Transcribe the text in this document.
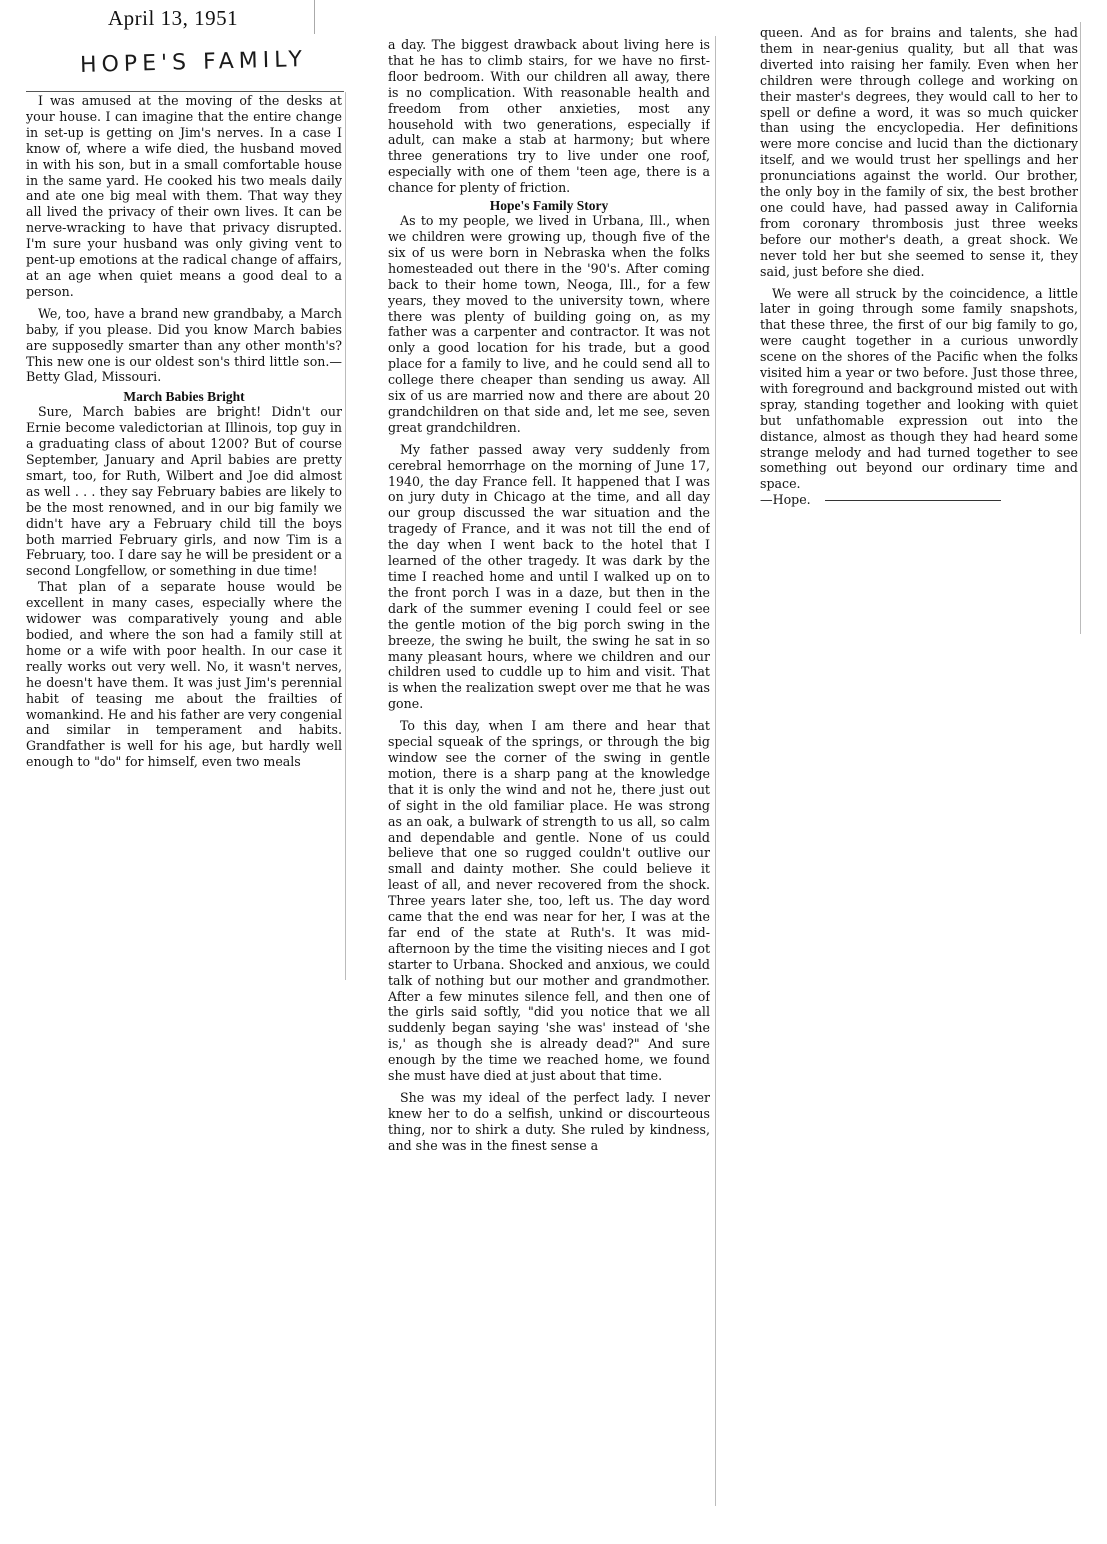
April 13, 1951
HOPE'S FAMILY

I was amused at the moving of the desks at your house. I can imagine that the entire change in set-up is getting on Jim's nerves. In a case I know of, where a wife died, the husband moved in with his son, but in a small comfortable house in the same yard. He cooked his two meals daily and ate one big meal with them. That way they all lived the privacy of their own lives. It can be nerve-wracking to have that privacy disrupted. I'm sure your husband was only giving vent to pent-up emotions at the radical change of affairs, at an age when quiet means a good deal to a person.

We, too, have a brand new grandbaby, a March baby, if you please. Did you know March babies are supposedly smarter than any other month's? This new one is our oldest son's third little son.—Betty Glad, Missouri.

March Babies Bright

Sure, March babies are bright! Didn't our Ernie become valedictorian at Illinois, top guy in a graduating class of about 1200? But of course September, January and April babies are pretty smart, too, for Ruth, Wilbert and Joe did almost as well . . . they say February babies are likely to be the most renowned, and in our big family we didn't have ary a February child till the boys both married February girls, and now Tim is a February, too. I dare say he will be president or a second Longfellow, or something in due time!

That plan of a separate house would be excellent in many cases, especially where the widower was comparatively young and able bodied, and where the son had a family still at home or a wife with poor health. In our case it really works out very well. No, it wasn't nerves, he doesn't have them. It was just Jim's perennial habit of teasing me about the frailties of womankind. He and his father are very congenial and similar in temperament and habits. Grandfather is well for his age, but hardly well enough to "do" for himself, even two meals

a day. The biggest drawback about living here is that he has to climb stairs, for we have no first-floor bedroom. With our children all away, there is no complication. With reasonable health and freedom from other anxieties, most any household with two generations, especially if adult, can make a stab at harmony; but where three generations try to live under one roof, especially with one of them 'teen age, there is a chance for plenty of friction.

Hope's Family Story

As to my people, we lived in Urbana, Ill., when we children were growing up, though five of the six of us were born in Nebraska when the folks homesteaded out there in the '90's. After coming back to their home town, Neoga, Ill., for a few years, they moved to the university town, where there was plenty of building going on, as my father was a carpenter and contractor. It was not only a good location for his trade, but a good place for a family to live, and he could send all to college there cheaper than sending us away. All six of us are married now and there are about 20 grandchildren on that side and, let me see, seven great grandchildren.

My father passed away very suddenly from cerebral hemorrhage on the morning of June 17, 1940, the day France fell. It happened that I was on jury duty in Chicago at the time, and all day our group discussed the war situation and the tragedy of France, and it was not till the end of the day when I went back to the hotel that I learned of the other tragedy. It was dark by the time I reached home and until I walked up on to the front porch I was in a daze, but then in the dark of the summer evening I could feel or see the gentle motion of the big porch swing in the breeze, the swing he built, the swing he sat in so many pleasant hours, where we children and our children used to cuddle up to him and visit. That is when the realization swept over me that he was gone.

To this day, when I am there and hear that special squeak of the springs, or through the big window see the corner of the swing in gentle motion, there is a sharp pang at the knowledge that it is only the wind and not he, there just out of sight in the old familiar place. He was strong as an oak, a bulwark of strength to us all, so calm and dependable and gentle. None of us could believe that one so rugged couldn't outlive our small and dainty mother. She could believe it least of all, and never recovered from the shock. Three years later she, too, left us. The day word came that the end was near for her, I was at the far end of the state at Ruth's. It was mid-afternoon by the time the visiting nieces and I got starter to Urbana. Shocked and anxious, we could talk of nothing but our mother and grandmother. After a few minutes silence fell, and then one of the girls said softly, "did you notice that we all suddenly began saying 'she was' instead of 'she is,' as though she is already dead?" And sure enough by the time we reached home, we found she must have died at just about that time.

She was my ideal of the perfect lady. I never knew her to do a selfish, unkind or discourteous thing, nor to shirk a duty. She ruled by kindness, and she was in the finest sense a

queen. And as for brains and talents, she had them in near-genius quality, but all that was diverted into raising her family. Even when her children were through college and working on their master's degrees, they would call to her to spell or define a word, it was so much quicker than using the encyclopedia. Her definitions were more concise and lucid than the dictionary itself, and we would trust her spellings and her pronunciations against the world. Our brother, the only boy in the family of six, the best brother one could have, had passed away in California from coronary thrombosis just three weeks before our mother's death, a great shock. We never told her but she seemed to sense it, they said, just before she died.

We were all struck by the coincidence, a little later in going through some family snapshots, that these three, the first of our big family to go, were caught together in a curious unwordly scene on the shores of the Pacific when the folks visited him a year or two before. Just those three, with foreground and background misted out with spray, standing together and looking with quiet but unfathomable expression out into the distance, almost as though they had heard some strange melody and had turned together to see something out beyond our ordinary time and space.

—Hope.
